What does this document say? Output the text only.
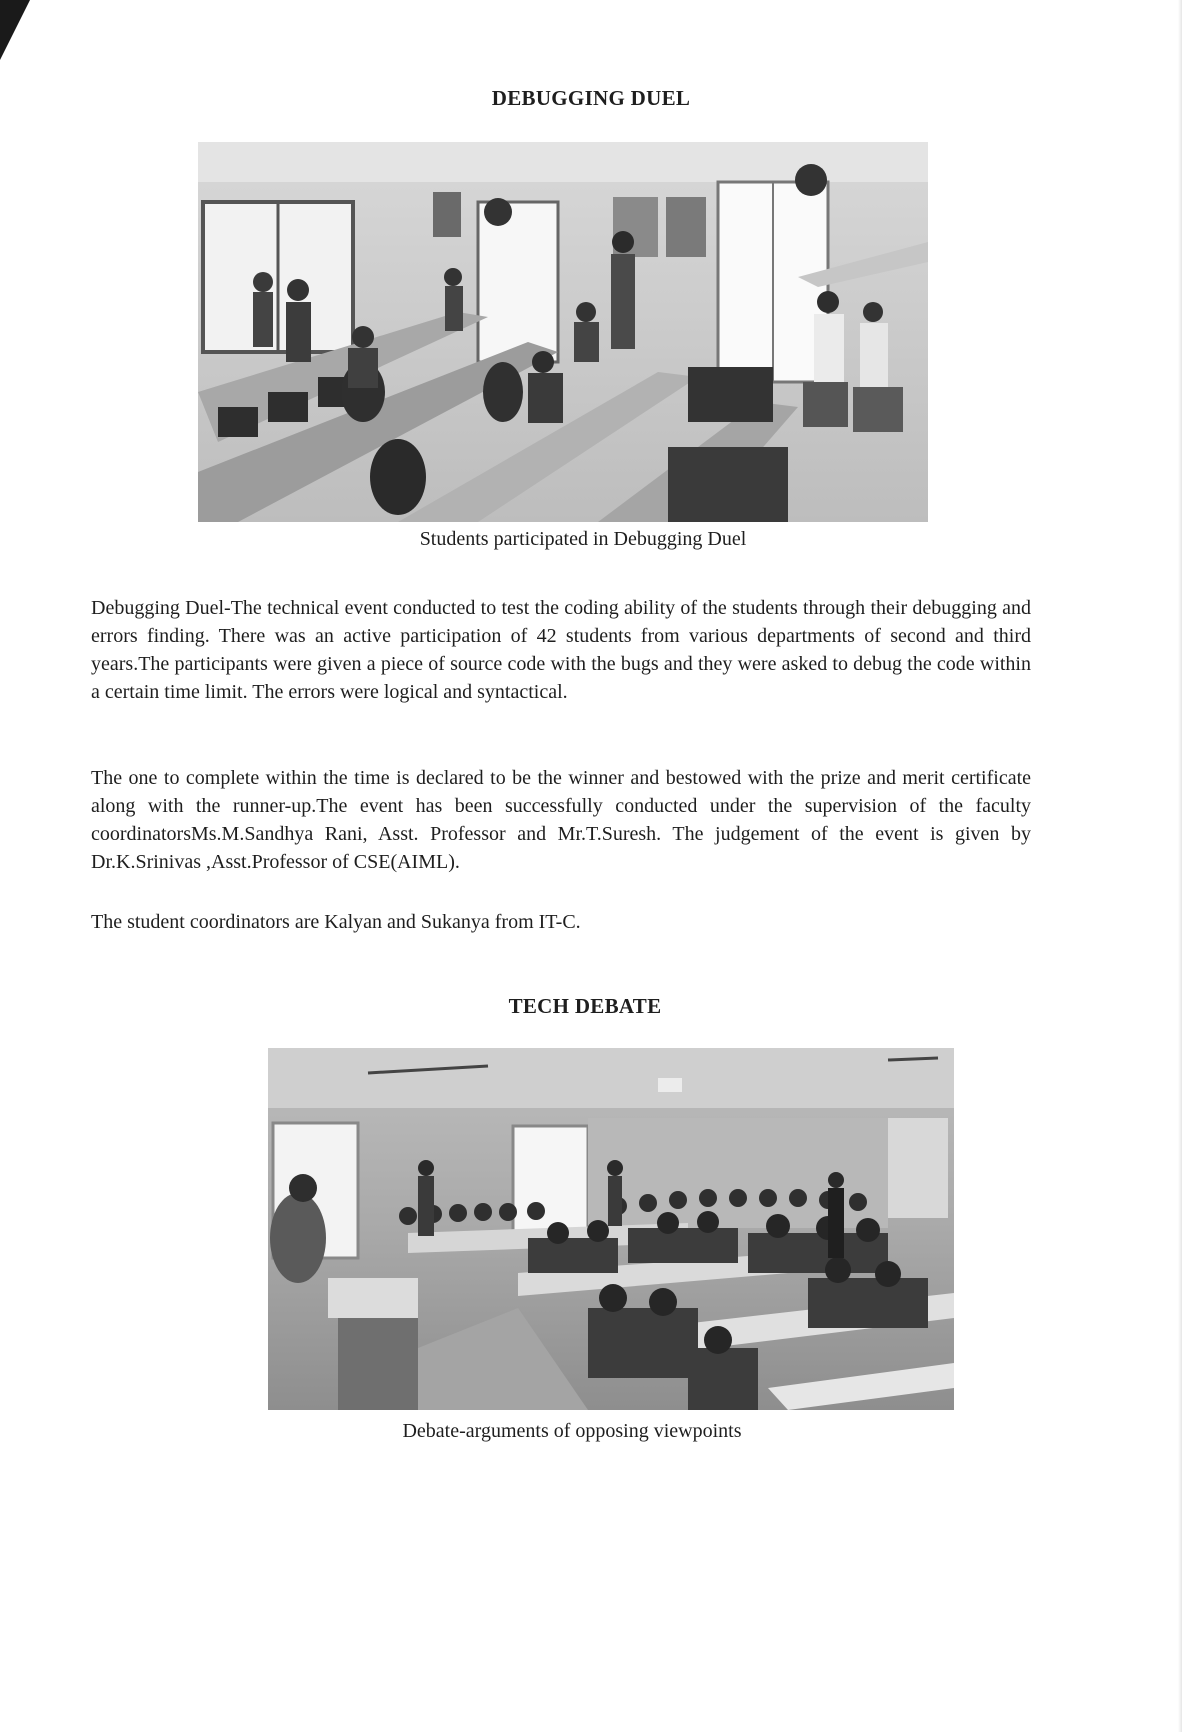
DEBUGGING DUEL
Students participated in Debugging Duel

Debugging Duel-The technical event conducted to test the coding ability of the students through their debugging and errors finding. There was an active participation of 42 students from various departments of second and third years.The participants were given a piece of source code with the bugs and they were asked to debug the code within a certain time limit. The errors were logical and syntactical.

The one to complete within the time is declared to be the winner and bestowed with the prize and merit certificate along with the runner-up.The event has been successfully conducted under the supervision of the faculty coordinatorsMs.M.Sandhya Rani, Asst. Professor and Mr.T.Suresh. The judgement of the event is given by Dr.K.Srinivas ,Asst.Professor of CSE(AIML).

The student coordinators are Kalyan and Sukanya from IT-C.

TECH DEBATE
Debate-arguments of opposing viewpoints
